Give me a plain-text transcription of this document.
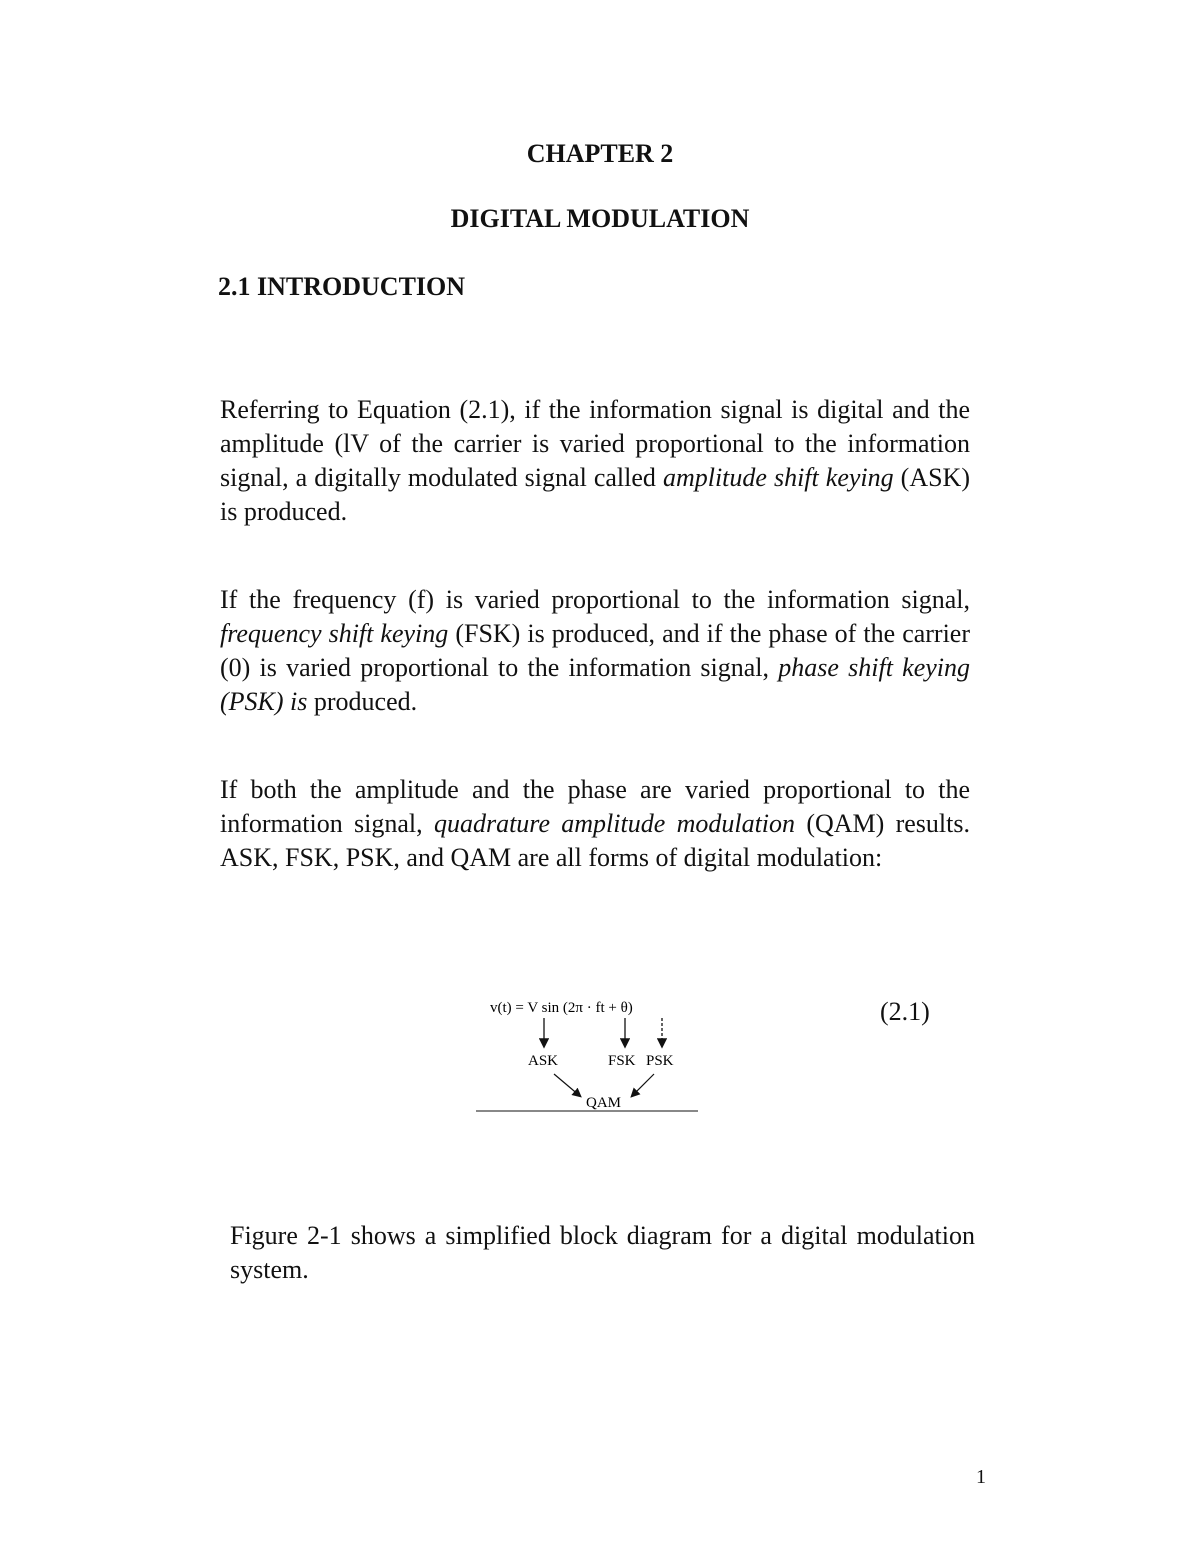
CHAPTER 2
DIGITAL MODULATION
2.1 INTRODUCTION
Referring to Equation (2.1), if the information signal is digital and the amplitude (lV of the carrier is varied proportional to the information signal, a digitally modulated signal called amplitude shift keying (ASK) is produced.
If the frequency (f) is varied proportional to the information signal, frequency shift keying (FSK) is produced, and if the phase of the carrier (0) is varied proportional to the information signal, phase shift keying (PSK) is produced.
If both the amplitude and the phase are varied proportional to the information signal, quadrature amplitude modulation (QAM) results. ASK, FSK, PSK, and QAM are all forms of digital modulation:
v(t) = V sin (2π · ft + θ)
ASK	FSK PSK
QAM
(2.1)
Figure 2-1 shows a simplified block diagram for a digital modulation system.
1
